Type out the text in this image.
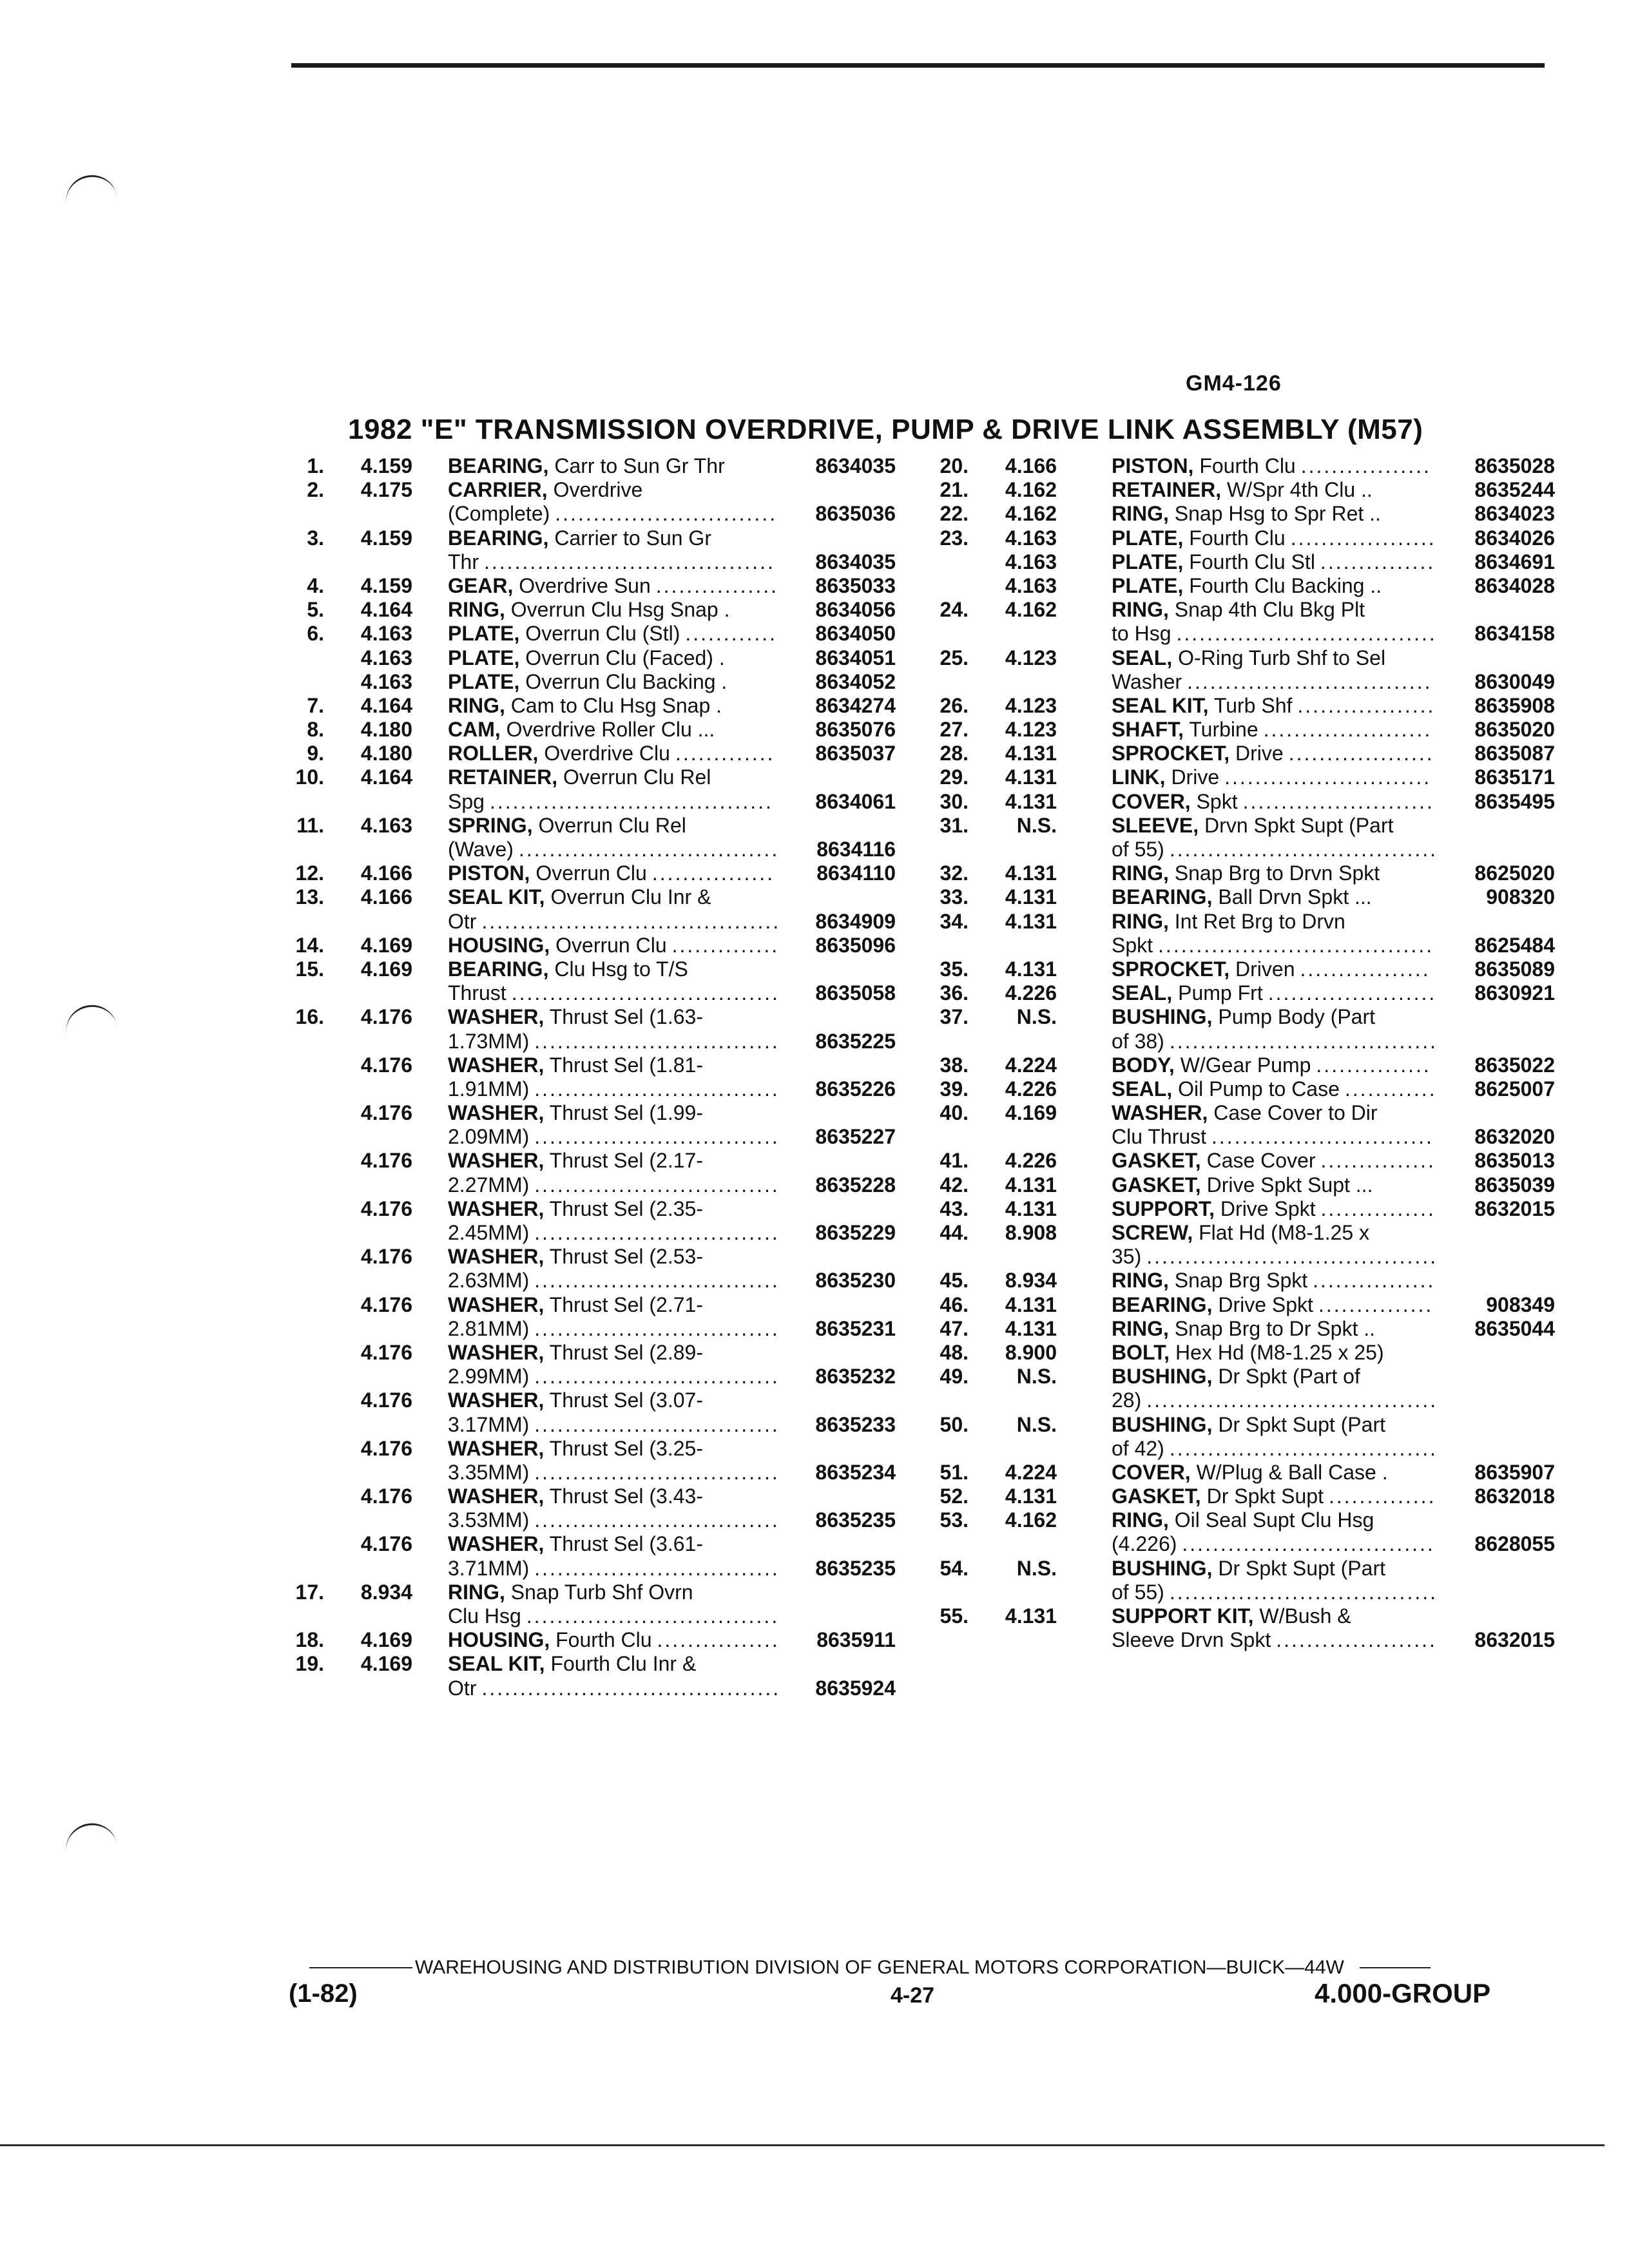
GM4-126
1982 "E" TRANSMISSION OVERDRIVE, PUMP & DRIVE LINK ASSEMBLY (M57)
1.	4.159 BEARING, Carr to Sun Gr Thr	8634035
2.	4.175 CARRIER, Overdrive
(Complete) .............................	8635036
3.	4.159 BEARING, Carrier to Sun Gr
Thr ......................................	8634035
4.	4.159 GEAR, Overdrive Sun ................	8635033
5.	4.164 RING, Overrun Clu Hsg Snap .	8634056
6.	4.163 PLATE, Overrun Clu (Stl) ............	8634050
4.163 PLATE, Overrun Clu (Faced) .	8634051
4.163 PLATE, Overrun Clu Backing .	8634052
7.	4.164 RING, Cam to Clu Hsg Snap .	8634274
8.	4.180 CAM, Overdrive Roller Clu ...	8635076
9.	4.180 ROLLER, Overdrive Clu .............	8635037
10.	4.164 RETAINER, Overrun Clu Rel
Spg .....................................	8634061
11.	4.163 SPRING, Overrun Clu Rel
(Wave) ..................................	8634116
12.	4.166 PISTON, Overrun Clu ................	8634110
13.	4.166 SEAL KIT, Overrun Clu Inr &
Otr .......................................	8634909
14.	4.169 HOUSING, Overrun Clu ..............	8635096
15.	4.169 BEARING, Clu Hsg to T/S
Thrust ...................................	8635058
16.	4.176 WASHER, Thrust Sel (1.63-
1.73MM) ................................	8635225
4.176 WASHER, Thrust Sel (1.81-
1.91MM) ................................	8635226
4.176 WASHER, Thrust Sel (1.99-
2.09MM) ................................	8635227
4.176 WASHER, Thrust Sel (2.17-
2.27MM) ................................	8635228
4.176 WASHER, Thrust Sel (2.35-
2.45MM) ................................	8635229
4.176 WASHER, Thrust Sel (2.53-
2.63MM) ................................	8635230
4.176 WASHER, Thrust Sel (2.71-
2.81MM) ................................	8635231
4.176 WASHER, Thrust Sel (2.89-
2.99MM) ................................	8635232
4.176 WASHER, Thrust Sel (3.07-
3.17MM) ................................	8635233
4.176 WASHER, Thrust Sel (3.25-
3.35MM) ................................	8635234
4.176 WASHER, Thrust Sel (3.43-
3.53MM) ................................	8635235
4.176 WASHER, Thrust Sel (3.61-
3.71MM) ................................	8635235
17.	8.934 RING, Snap Turb Shf Ovrn
Clu Hsg .................................
18.	4.169 HOUSING, Fourth Clu ................	8635911
19.	4.169 SEAL KIT, Fourth Clu Inr &
Otr .......................................	8635924
20.	4.166	PISTON, Fourth Clu .................	8635028
21.	4.162	RETAINER, W/Spr 4th Clu ..	8635244
22.	4.162	RING, Snap Hsg to Spr Ret ..	8634023
23.	4.163	PLATE, Fourth Clu ...................	8634026
4.163	PLATE, Fourth Clu Stl ...............	8634691
4.163	PLATE, Fourth Clu Backing ..	8634028
24.	4.162	RING, Snap 4th Clu Bkg Plt
to Hsg ..................................	8634158
25.	4.123	SEAL, O-Ring Turb Shf to Sel
Washer ................................	8630049
26.	4.123	SEAL KIT, Turb Shf ..................	8635908
27.	4.123	SHAFT, Turbine ......................	8635020
28.	4.131	SPROCKET, Drive ...................	8635087
29.	4.131	LINK, Drive ...........................	8635171
30.	4.131	COVER, Spkt .........................	8635495
31.	N.S.	SLEEVE, Drvn Spkt Supt (Part
of 55) ...................................
32.	4.131	RING, Snap Brg to Drvn Spkt	8625020
33.	4.131	BEARING, Ball Drvn Spkt ...	908320
34.	4.131	RING, Int Ret Brg to Drvn
Spkt ....................................	8625484
35.	4.131	SPROCKET, Driven .................	8635089
36.	4.226	SEAL, Pump Frt ......................	8630921
37.	N.S.	BUSHING, Pump Body (Part
of 38) ...................................
38.	4.224	BODY, W/Gear Pump ...............	8635022
39.	4.226	SEAL, Oil Pump to Case ............	8625007
40.	4.169	WASHER, Case Cover to Dir
Clu Thrust .............................	8632020
41.	4.226	GASKET, Case Cover ...............	8635013
42.	4.131	GASKET, Drive Spkt Supt ...	8635039
43.	4.131	SUPPORT, Drive Spkt ...............	8632015
44.	8.908	SCREW, Flat Hd (M8-1.25 x
35) ......................................
45.	8.934	RING, Snap Brg Spkt ................
46.	4.131	BEARING, Drive Spkt ...............	908349
47.	4.131	RING, Snap Brg to Dr Spkt ..	8635044
48.	8.900	BOLT, Hex Hd (M8-1.25 x 25)
49.	N.S.	BUSHING, Dr Spkt (Part of
28) ......................................
50.	N.S.	BUSHING, Dr Spkt Supt (Part
of 42) ...................................
51.	4.224	COVER, W/Plug & Ball Case .	8635907
52.	4.131	GASKET, Dr Spkt Supt ..............	8632018
53.	4.162	RING, Oil Seal Supt Clu Hsg
(4.226) .................................	8628055
54.	N.S.	BUSHING, Dr Spkt Supt (Part
of 55) ...................................
55.	4.131	SUPPORT KIT, W/Bush &
Sleeve Drvn Spkt .....................	8632015
WAREHOUSING AND DISTRIBUTION DIVISION OF GENERAL MOTORS CORPORATION—BUICK—44W
(1-82)	4-27	4.000-GROUP
